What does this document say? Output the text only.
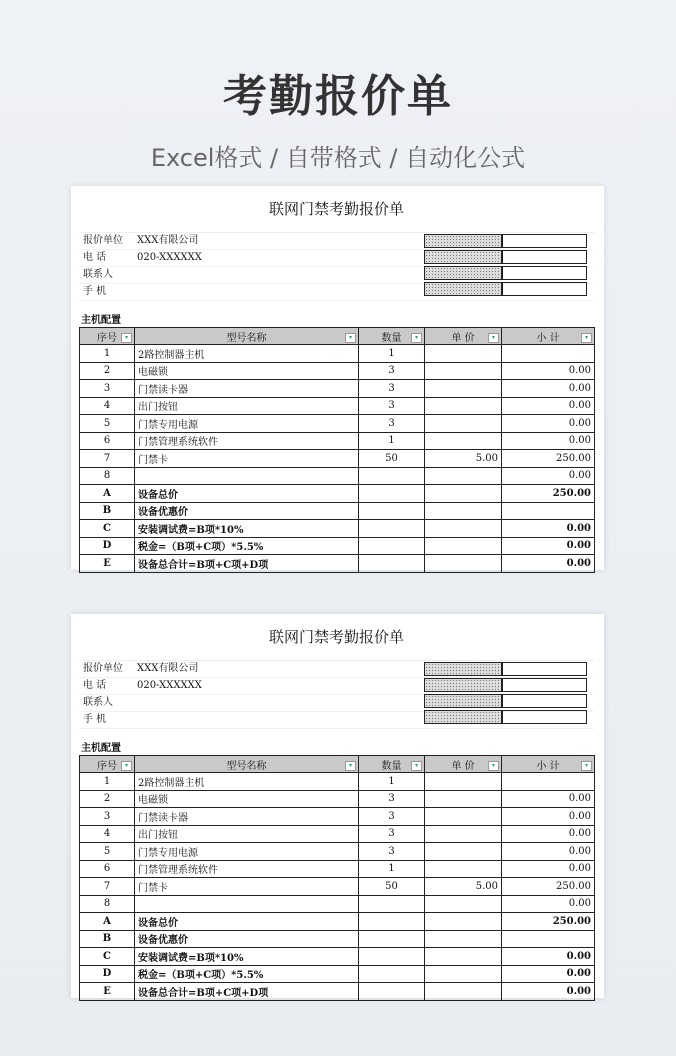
考勤报价单
Excel格式 / 自带格式 / 自动化公式
联网门禁考勤报价单
报价单位	XXX有限公司
电 话	020-XXXXXX
联系人
手 机
主机配置
序号 ▾	型号名称 ▾	数量 ▾	单 价 ▾	小 计 ▾

1	2路控制器主机	1		
2	电磁锁	3		0.00
3	门禁读卡器	3		0.00
4	出门按钮	3		0.00
5	门禁专用电源	3		0.00
6	门禁管理系统软件	1		0.00
7	门禁卡	50	5.00	250.00
8				0.00
A	设备总价			250.00
B	设备优惠价			
C	安装调试费=B项*10%			0.00
D	税金=（B项+C项）*5.5%			0.00
E	设备总合计=B项+C项+D项			0.00
联网门禁考勤报价单
报价单位	XXX有限公司
电 话	020-XXXXXX
联系人
手 机
主机配置
序号 ▾	型号名称 ▾	数量 ▾	单 价 ▾	小 计 ▾

1	2路控制器主机	1		
2	电磁锁	3		0.00
3	门禁读卡器	3		0.00
4	出门按钮	3		0.00
5	门禁专用电源	3		0.00
6	门禁管理系统软件	1		0.00
7	门禁卡	50	5.00	250.00
8				0.00
A	设备总价			250.00
B	设备优惠价			
C	安装调试费=B项*10%			0.00
D	税金=（B项+C项）*5.5%			0.00
E	设备总合计=B项+C项+D项			0.00
